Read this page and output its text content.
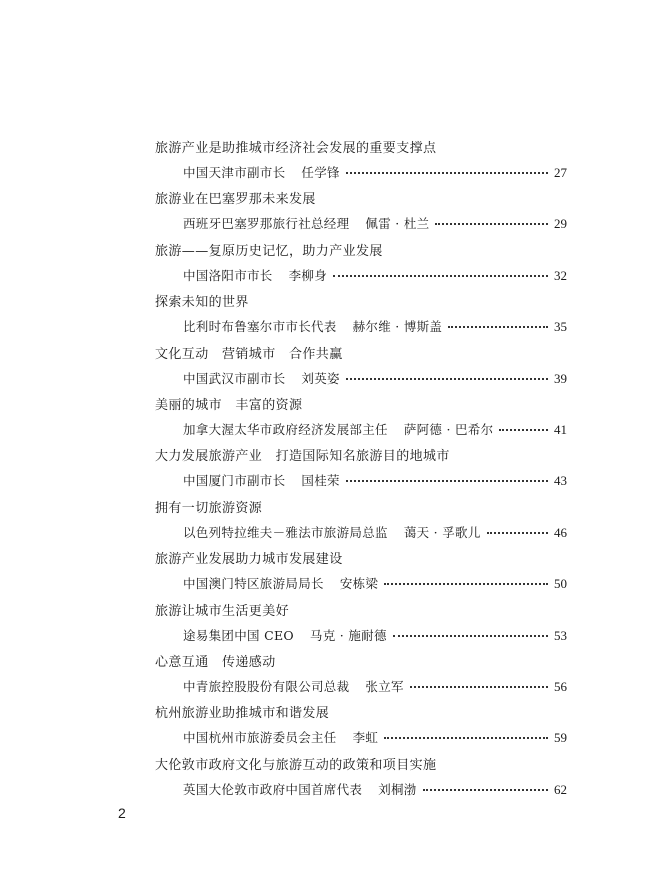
旅游产业是助推城市经济社会发展的重要支撑点
中国天津市副市长 任学锋	27
旅游业在巴塞罗那未来发展
西班牙巴塞罗那旅行社总经理 佩雷 · 杜兰	29
旅游——复原历史记忆，助力产业发展
中国洛阳市市长 李柳身	32
探索未知的世界
比利时布鲁塞尔市市长代表 赫尔维 · 博斯盖	35
文化互动　营销城市　合作共赢
中国武汉市副市长 刘英姿	39
美丽的城市　丰富的资源
加拿大渥太华市政府经济发展部主任 萨阿德 · 巴希尔	41
大力发展旅游产业　打造国际知名旅游目的地城市
中国厦门市副市长 国桂荣	43
拥有一切旅游资源
以色列特拉维夫－雅法市旅游局总监 蔼天 · 孚歌儿	46
旅游产业发展助力城市发展建设
中国澳门特区旅游局局长 安栋梁	50
旅游让城市生活更美好
途易集团中国 CEO 马克 · 施耐德	53
心意互通　传递感动
中青旅控股股份有限公司总裁 张立军	56
杭州旅游业助推城市和谐发展
中国杭州市旅游委员会主任 李虹	59
大伦敦市政府文化与旅游互动的政策和项目实施
英国大伦敦市政府中国首席代表 刘桐渤	62
2
